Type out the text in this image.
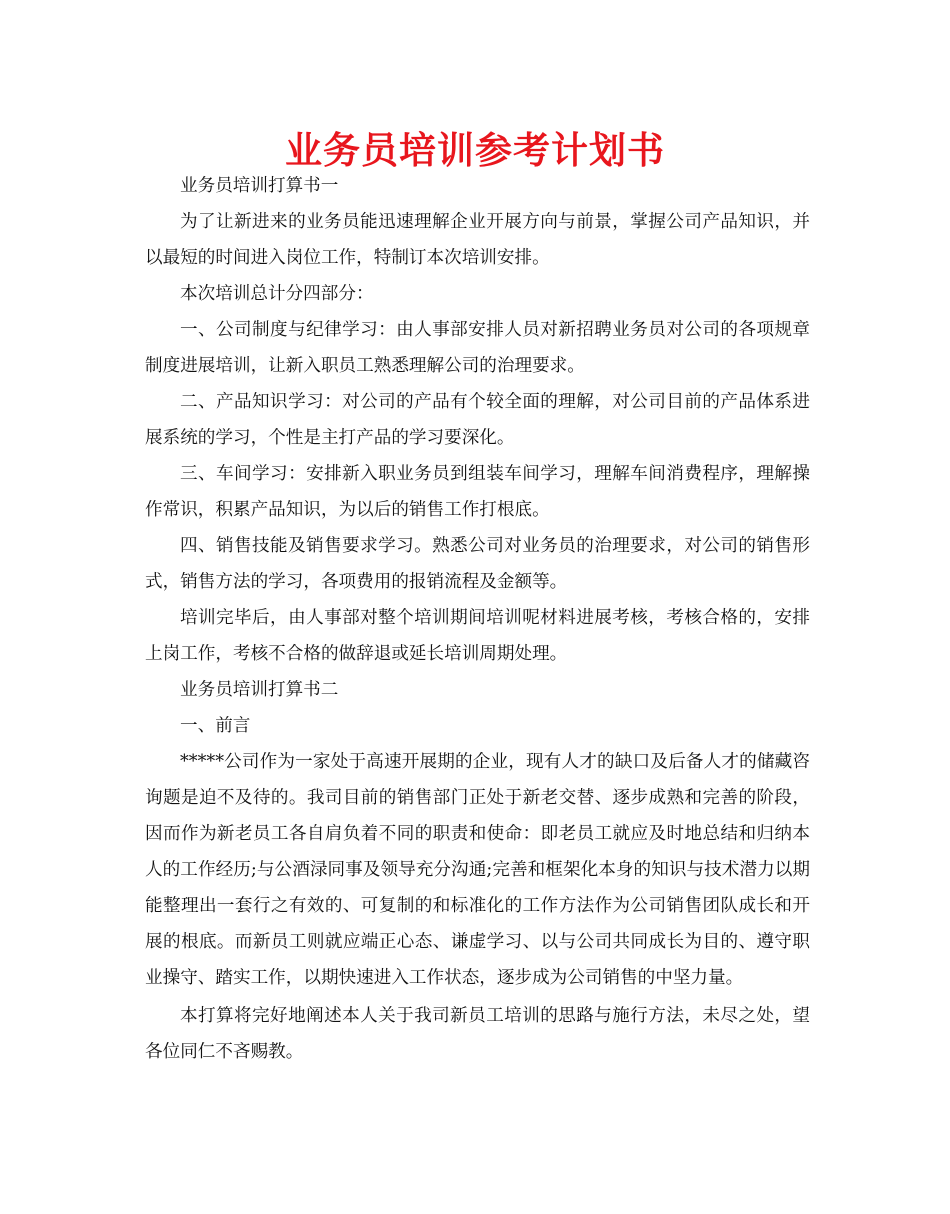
业务员培训参考计划书

业务员培训打算书一

为了让新进来的业务员能迅速理解企业开展方向与前景，掌握公司产品知识，并以最短的时间进入岗位工作，特制订本次培训安排。

本次培训总计分四部分：

一、公司制度与纪律学习：由人事部安排人员对新招聘业务员对公司的各项规章制度进展培训，让新入职员工熟悉理解公司的治理要求。

二、产品知识学习：对公司的产品有个较全面的理解，对公司目前的产品体系进展系统的学习，个性是主打产品的学习要深化。

三、车间学习：安排新入职业务员到组装车间学习，理解车间消费程序，理解操作常识，积累产品知识，为以后的销售工作打根底。

四、销售技能及销售要求学习。熟悉公司对业务员的治理要求，对公司的销售形式，销售方法的学习，各项费用的报销流程及金额等。

培训完毕后，由人事部对整个培训期间培训呢材料进展考核，考核合格的，安排上岗工作，考核不合格的做辞退或延长培训周期处理。

业务员培训打算书二

一、前言

*****公司作为一家处于高速开展期的企业，现有人才的缺口及后备人才的储藏咨询题是迫不及待的。我司目前的销售部门正处于新老交替、逐步成熟和完善的阶段，因而作为新老员工各自肩负着不同的职责和使命：即老员工就应及时地总结和归纳本人的工作经历;与公酒渌同事及领导充分沟通;完善和框架化本身的知识与技术潜力以期能整理出一套行之有效的、可复制的和标准化的工作方法作为公司销售团队成长和开展的根底。而新员工则就应端正心态、谦虚学习、以与公司共同成长为目的、遵守职业操守、踏实工作，以期快速进入工作状态，逐步成为公司销售的中坚力量。

本打算将完好地阐述本人关于我司新员工培训的思路与施行方法，未尽之处，望各位同仁不吝赐教。
